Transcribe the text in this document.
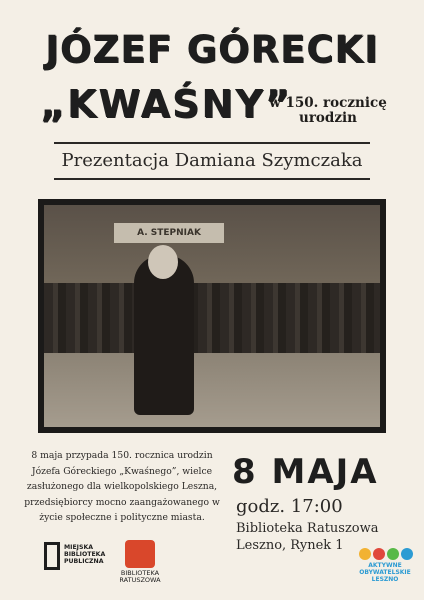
JÓZEF GÓRECKI
„KWAŚNY”
w 150. rocznicę
urodzin
Prezentacja Damiana Szymczaka
A. STEPNIAK
8 maja przypada 150. rocznica urodzin Józefa Góreckiego „Kwaśnego”, wielce zasłużonego dla wielkopolskiego Leszna, przedsiębiorcy mocno zaangażowanego w życie społeczne i polityczne miasta.
8 MAJA
godz. 17:00
Biblioteka Ratuszowa
Leszno, Rynek 1
MIEJSKA BIBLIOTEKA PUBLICZNA
BIBLIOTEKA RATUSZOWA
AKTYWNE
OBYWATELSKIE
LESZNO
